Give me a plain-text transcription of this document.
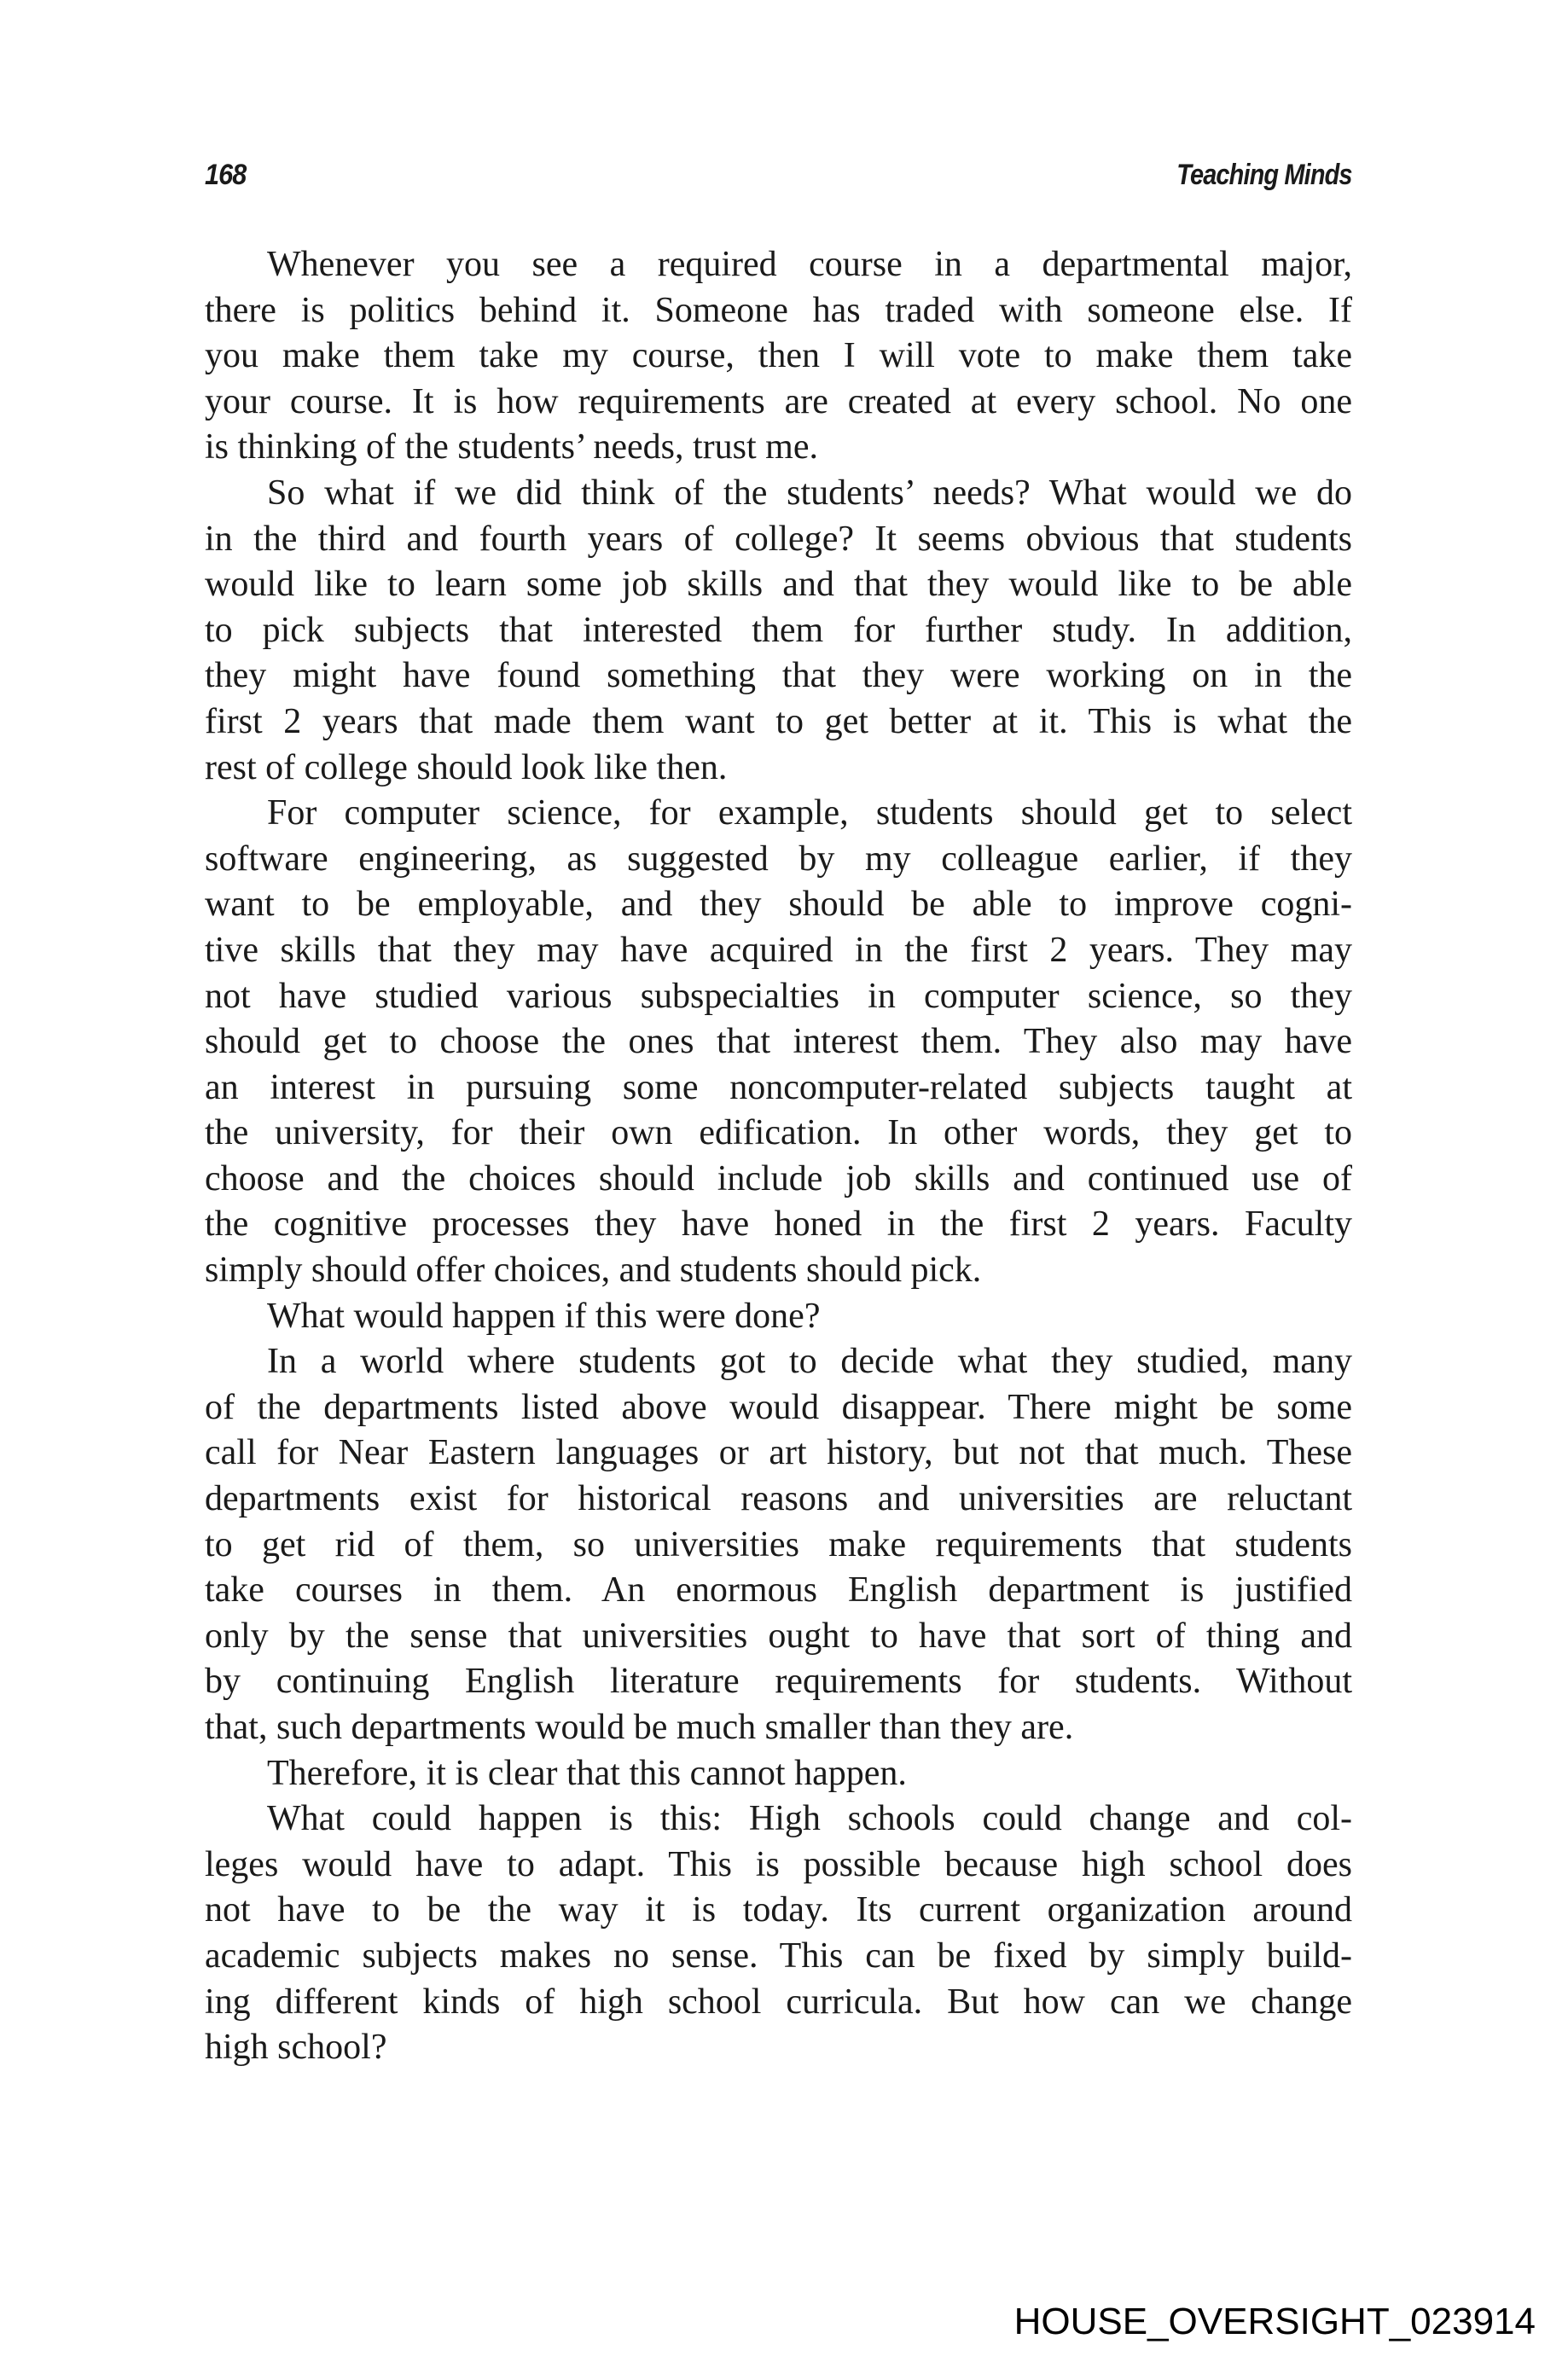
168	Teaching Minds
Whenever you see a required course in a departmental major,
there is politics behind it. Someone has traded with someone else. If
you make them take my course, then I will vote to make them take
your course. It is how requirements are created at every school. No one
is thinking of the students’ needs, trust me.
So what if we did think of the students’ needs? What would we do
in the third and fourth years of college? It seems obvious that students
would like to learn some job skills and that they would like to be able
to pick subjects that interested them for further study. In addition,
they might have found something that they were working on in the
first 2 years that made them want to get better at it. This is what the
rest of college should look like then.
For computer science, for example, students should get to select
software engineering, as suggested by my colleague earlier, if they
want to be employable, and they should be able to improve cogni-
tive skills that they may have acquired in the first 2 years. They may
not have studied various subspecialties in computer science, so they
should get to choose the ones that interest them. They also may have
an interest in pursuing some noncomputer-related subjects taught at
the university, for their own edification. In other words, they get to
choose and the choices should include job skills and continued use of
the cognitive processes they have honed in the first 2 years. Faculty
simply should offer choices, and students should pick.
What would happen if this were done?
In a world where students got to decide what they studied, many
of the departments listed above would disappear. There might be some
call for Near Eastern languages or art history, but not that much. These
departments exist for historical reasons and universities are reluctant
to get rid of them, so universities make requirements that students
take courses in them. An enormous English department is justified
only by the sense that universities ought to have that sort of thing and
by continuing English literature requirements for students. Without
that, such departments would be much smaller than they are.
Therefore, it is clear that this cannot happen.
What could happen is this: High schools could change and col-
leges would have to adapt. This is possible because high school does
not have to be the way it is today. Its current organization around
academic subjects makes no sense. This can be fixed by simply build-
ing different kinds of high school curricula. But how can we change
high school?
HOUSE_OVERSIGHT_023914
